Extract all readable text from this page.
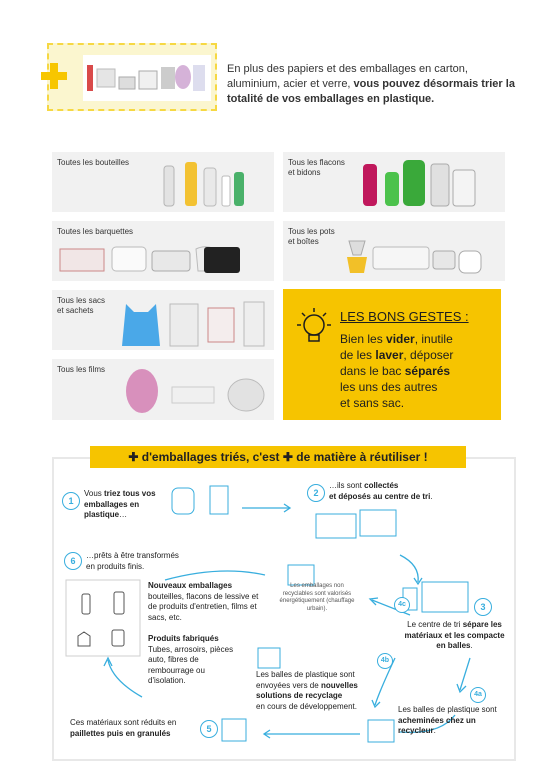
En plus des papiers et des emballages en carton, aluminium, acier et verre, vous pouvez désormais trier la totalité de vos emballages en plastique.
Toutes les bouteilles	Tous les flacons
et bidons
Toutes les barquettes	Tous les pots
et boîtes
Tous les sacs
et sachets
Tous les films
LES BONS GESTES :
Bien les vider, inutile
de les laver, déposer
dans le bac séparés
les uns des autres
et sans sac.
✚ d'emballages triés, c'est ✚ de matière à réutiliser !
1
Vous triez tous vos emballages en plastique…
2
…ils sont collectés
et déposés au centre de tri.
3
Le centre de tri sépare les matériaux et les compacte en balles.
4c
Les emballages non recyclables sont valorisés énergétiquement (chauffage urbain).
4b
Les balles de plastique sont envoyées vers de nouvelles solutions de recyclage
en cours de développement.
4a
Les balles de plastique sont acheminées chez un recycleur.
5
Ces matériaux sont réduits en paillettes puis en granulés
6
…prêts à être transformés en produits finis.
Nouveaux emballages
bouteilles, flacons de lessive et de produits d'entretien, films et sacs, etc.
Produits fabriqués
Tubes, arrosoirs, pièces auto, fibres de rembourrage ou d'isolation.
